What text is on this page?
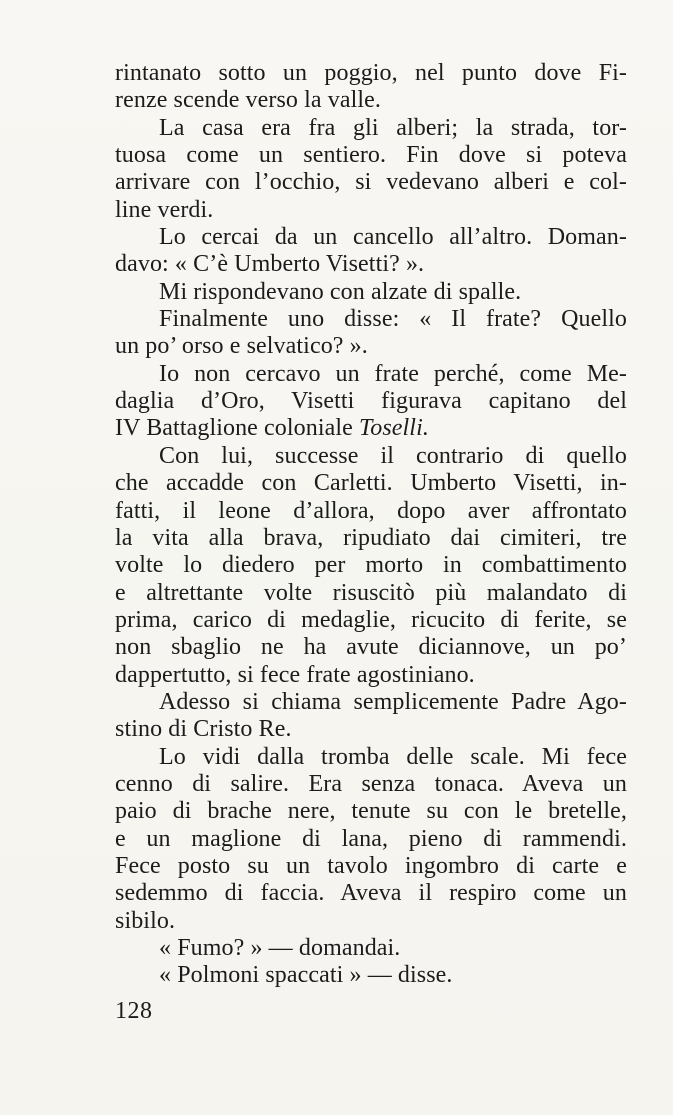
rintanato sotto un poggio, nel punto dove Fi-
renze scende verso la valle.
La casa era fra gli alberi; la strada, tor-
tuosa come un sentiero. Fin dove si poteva
arrivare con l’occhio, si vedevano alberi e col-
line verdi.
Lo cercai da un cancello all’altro. Doman-
davo: « C’è Umberto Visetti? ».
Mi rispondevano con alzate di spalle.
Finalmente uno disse: « Il frate? Quello
un po’ orso e selvatico? ».
Io non cercavo un frate perché, come Me-
daglia d’Oro, Visetti figurava capitano del
IV Battaglione coloniale Toselli.
Con lui, successe il contrario di quello
che accadde con Carletti. Umberto Visetti, in-
fatti, il leone d’allora, dopo aver affrontato
la vita alla brava, ripudiato dai cimiteri, tre
volte lo diedero per morto in combattimento
e altrettante volte risuscitò più malandato di
prima, carico di medaglie, ricucito di ferite, se
non sbaglio ne ha avute diciannove, un po’
dappertutto, si fece frate agostiniano.
Adesso si chiama semplicemente Padre Ago-
stino di Cristo Re.
Lo vidi dalla tromba delle scale. Mi fece
cenno di salire. Era senza tonaca. Aveva un
paio di brache nere, tenute su con le bretelle,
e un maglione di lana, pieno di rammendi.
Fece posto su un tavolo ingombro di carte e
sedemmo di faccia. Aveva il respiro come un
sibilo.
« Fumo? » — domandai.
« Polmoni spaccati » — disse.
128
